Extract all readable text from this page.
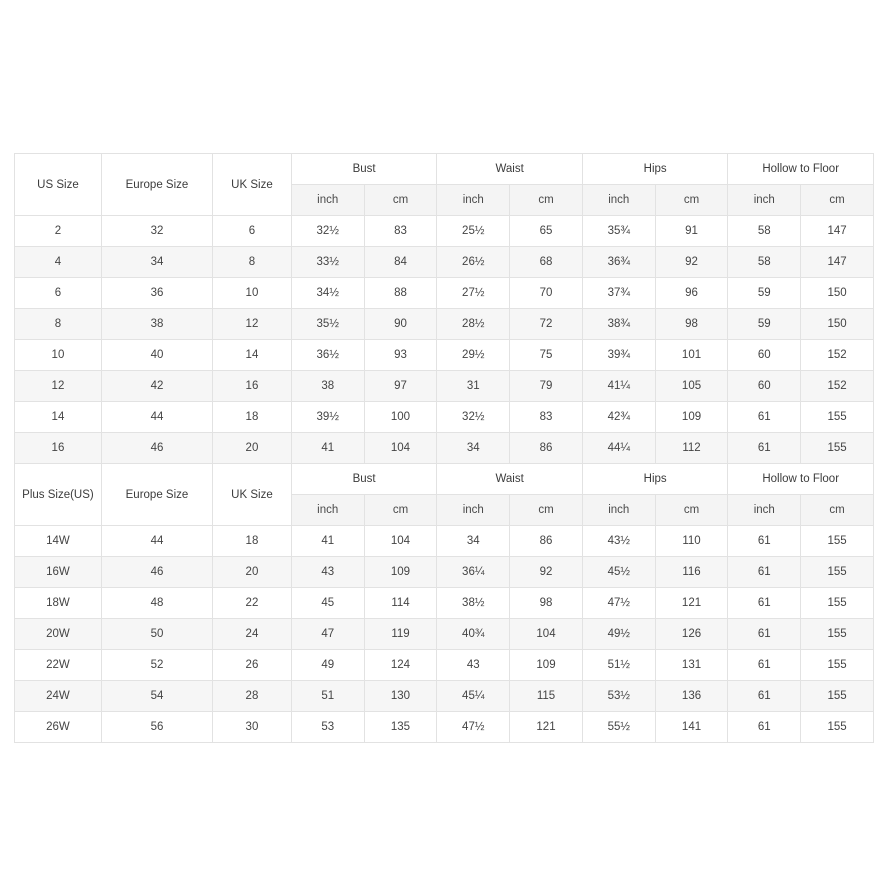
US Size	Europe Size	UK Size	Bust		Waist		Hips		Hollow to Floor	
			inch	cm	inch	cm	inch	cm	inch	cm
2	32	6	32½	83	25½	65	35¾	91	58	147
4	34	8	33½	84	26½	68	36¾	92	58	147
6	36	10	34½	88	27½	70	37¾	96	59	150
8	38	12	35½	90	28½	72	38¾	98	59	150
10	40	14	36½	93	29½	75	39¾	101	60	152
12	42	16	38	97	31	79	41¼	105	60	152
14	44	18	39½	100	32½	83	42¾	109	61	155
16	46	20	41	104	34	86	44¼	112	61	155
Plus Size(US)	Europe Size	UK Size	Bust		Waist		Hips		Hollow to Floor	
			inch	cm	inch	cm	inch	cm	inch	cm
14W	44	18	41	104	34	86	43½	110	61	155
16W	46	20	43	109	36¼	92	45½	116	61	155
18W	48	22	45	114	38½	98	47½	121	61	155
20W	50	24	47	119	40¾	104	49½	126	61	155
22W	52	26	49	124	43	109	51½	131	61	155
24W	54	28	51	130	45¼	115	53½	136	61	155
26W	56	30	53	135	47½	121	55½	141	61	155
